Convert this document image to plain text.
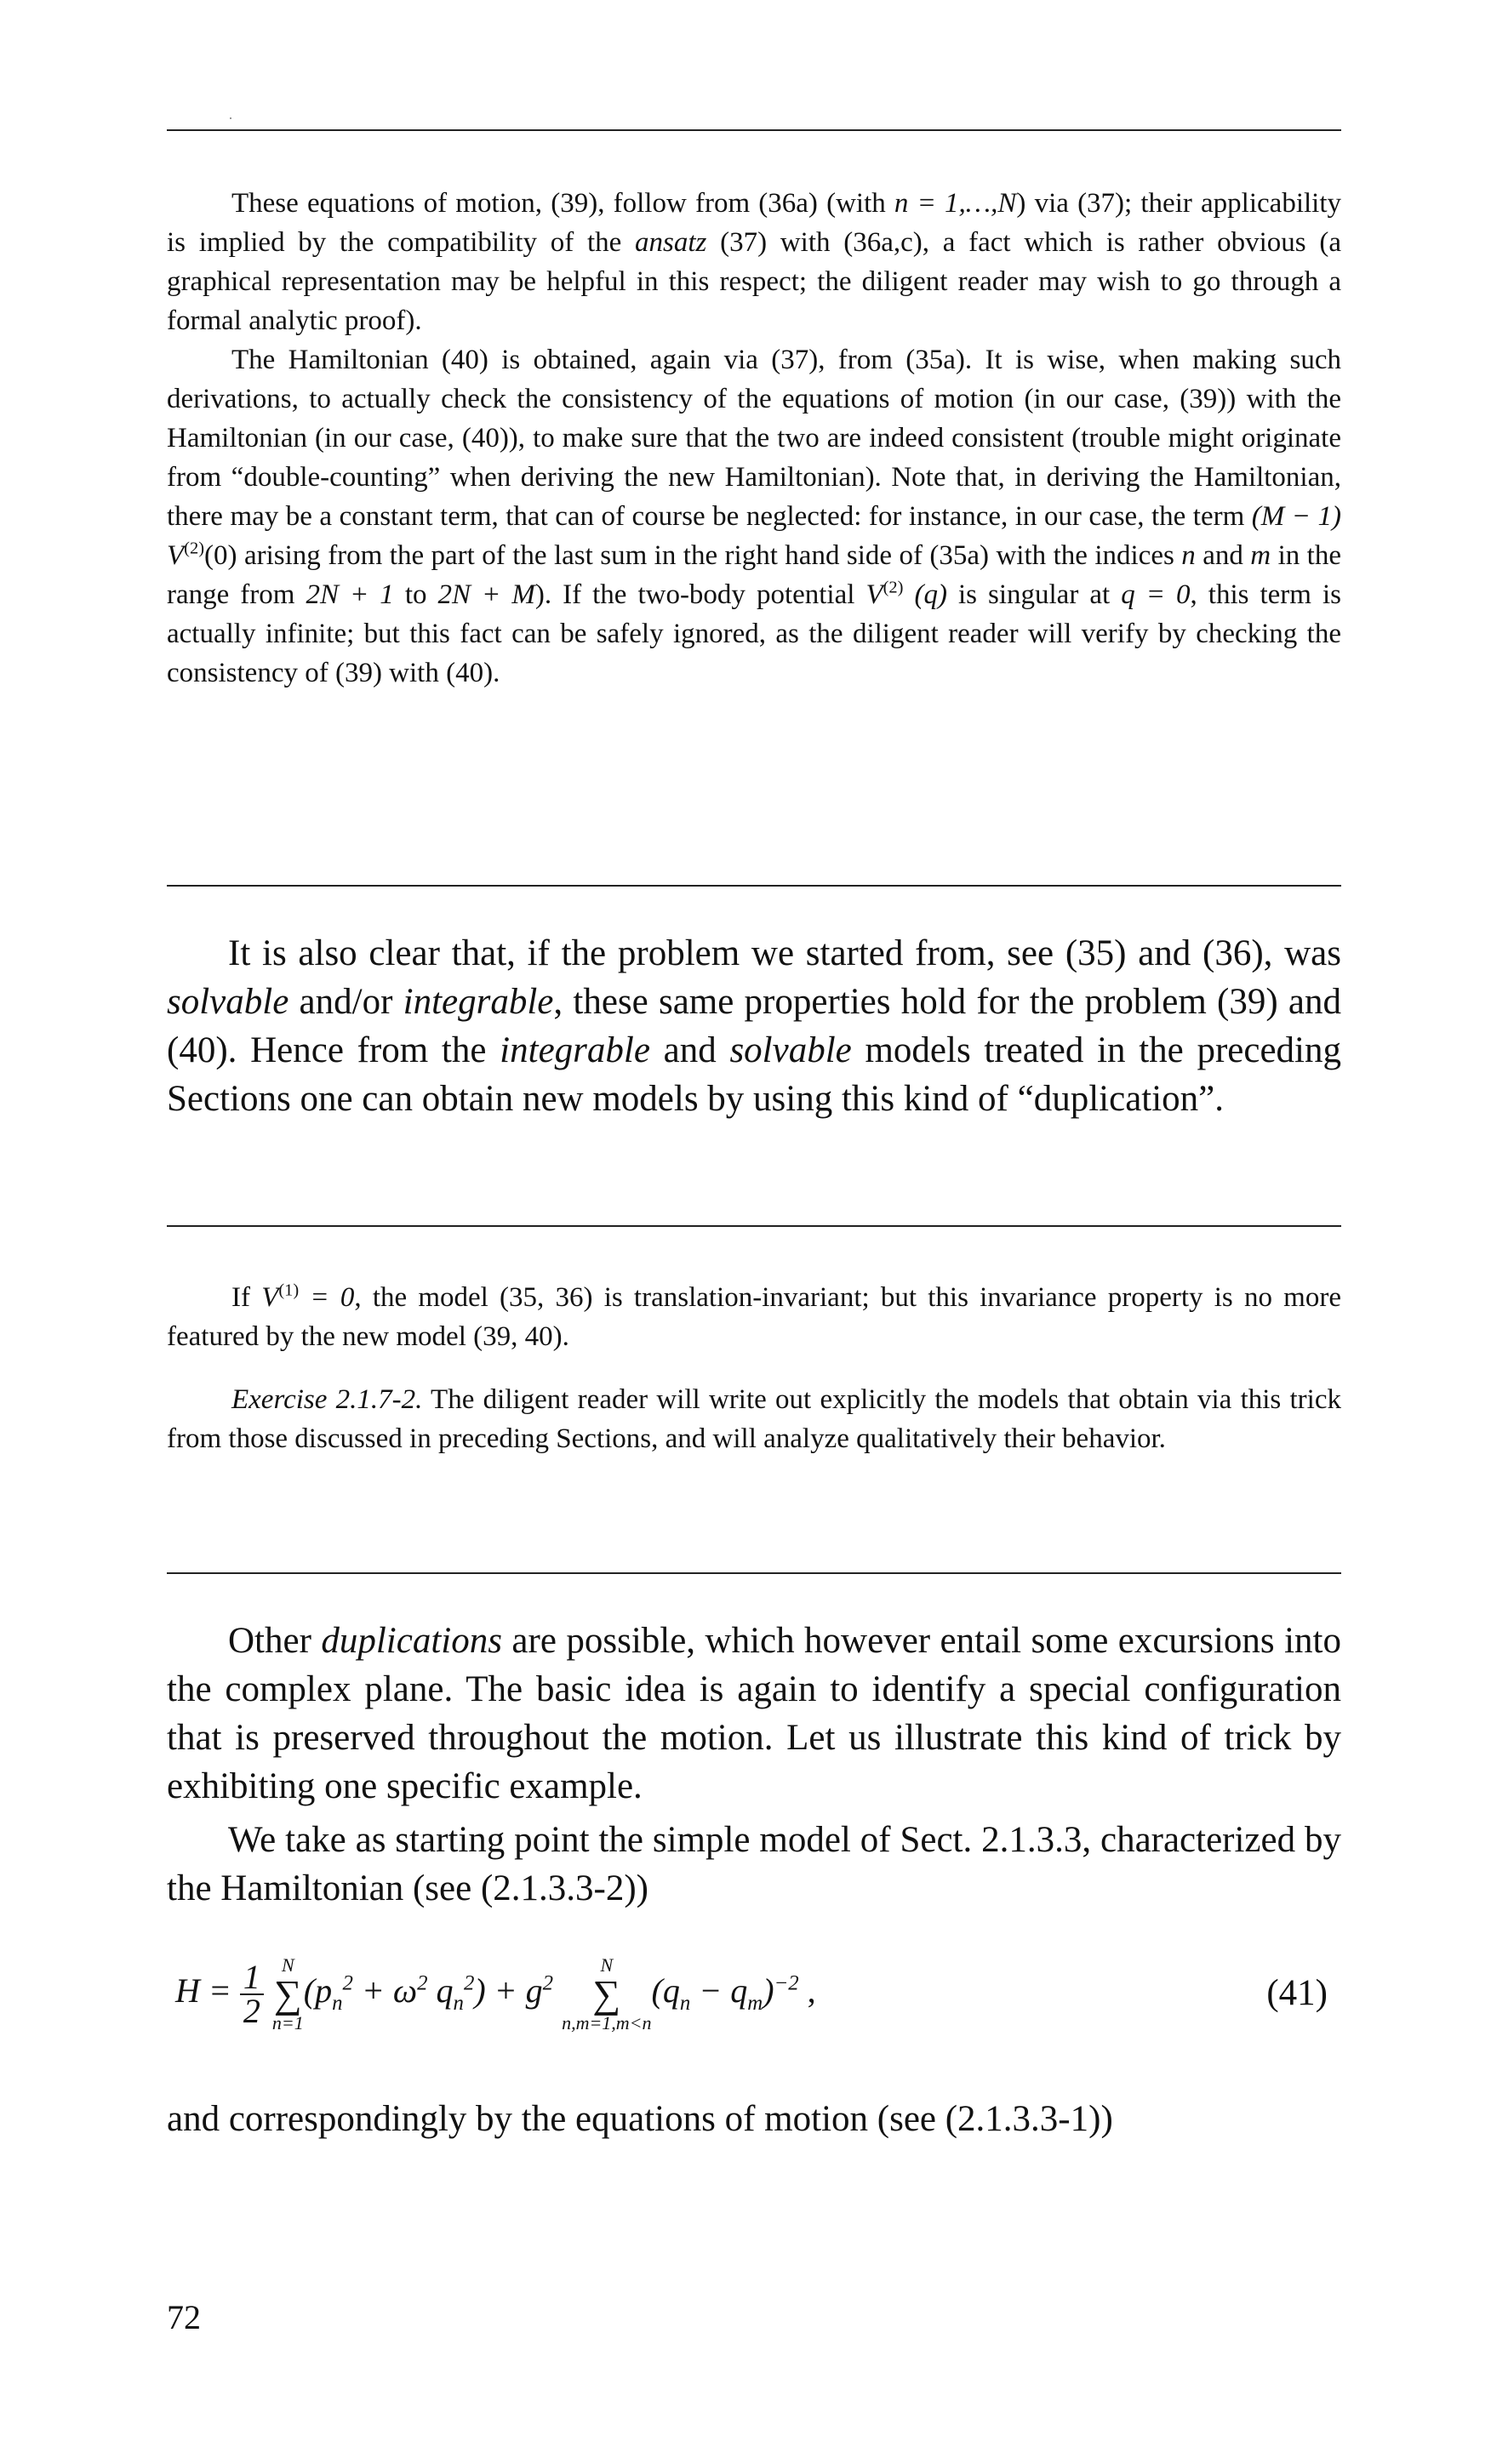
These equations of motion, (39), follow from (36a) (with n = 1,…,N) via (37); their applicability is implied by the compatibility of the ansatz (37) with (36a,c), a fact which is rather obvious (a graphical representation may be helpful in this respect; the diligent reader may wish to go through a formal analytic proof).

The Hamiltonian (40) is obtained, again via (37), from (35a). It is wise, when making such derivations, to actually check the consistency of the equations of motion (in our case, (39)) with the Hamiltonian (in our case, (40)), to make sure that the two are indeed consistent (trouble might originate from “double-counting” when deriving the new Hamiltonian). Note that, in deriving the Hamiltonian, there may be a constant term, that can of course be neglected: for instance, in our case, the term (M − 1) $V^{(2)}(0)$ arising from the part of the last sum in the right hand side of (35a) with the indices n and m in the range from 2N + 1 to 2N + M). If the two-body potential $V^{(2)}$ (q) is singular at q = 0, this term is actually infinite; but this fact can be safely ignored, as the diligent reader will verify by checking the consistency of (39) with (40).

It is also clear that, if the problem we started from, see (35) and (36), was solvable and/or integrable, these same properties hold for the problem (39) and (40). Hence from the integrable and solvable models treated in the preceding Sections one can obtain new models by using this kind of “duplication”.

If $V^{(1)} = 0$, the model (35, 36) is translation-invariant; but this invariance property is no more featured by the new model (39, 40).

Exercise 2.1.7-2. The diligent reader will write out explicitly the models that obtain via this trick from those discussed in preceding Sections, and will analyze qualitatively their behavior.

Other duplications are possible, which however entail some excursions into the complex plane. The basic idea is again to identify a special configuration that is preserved throughout the motion. Let us illustrate this kind of trick by exhibiting one specific example.

We take as starting point the simple model of Sect. 2.1.3.3, characterized by the Hamiltonian (see (2.1.3.3-2))

$H = \frac{1}{2}$
N
∑
n=1
($p_n^2 + \omega^2$ $q_n^2) + g^2$
N
∑
n,m=1,m<n
$(q_n - q_m)^{-2}$ ,	(41)

and correspondingly by the equations of motion (see (2.1.3.3-1))

72
